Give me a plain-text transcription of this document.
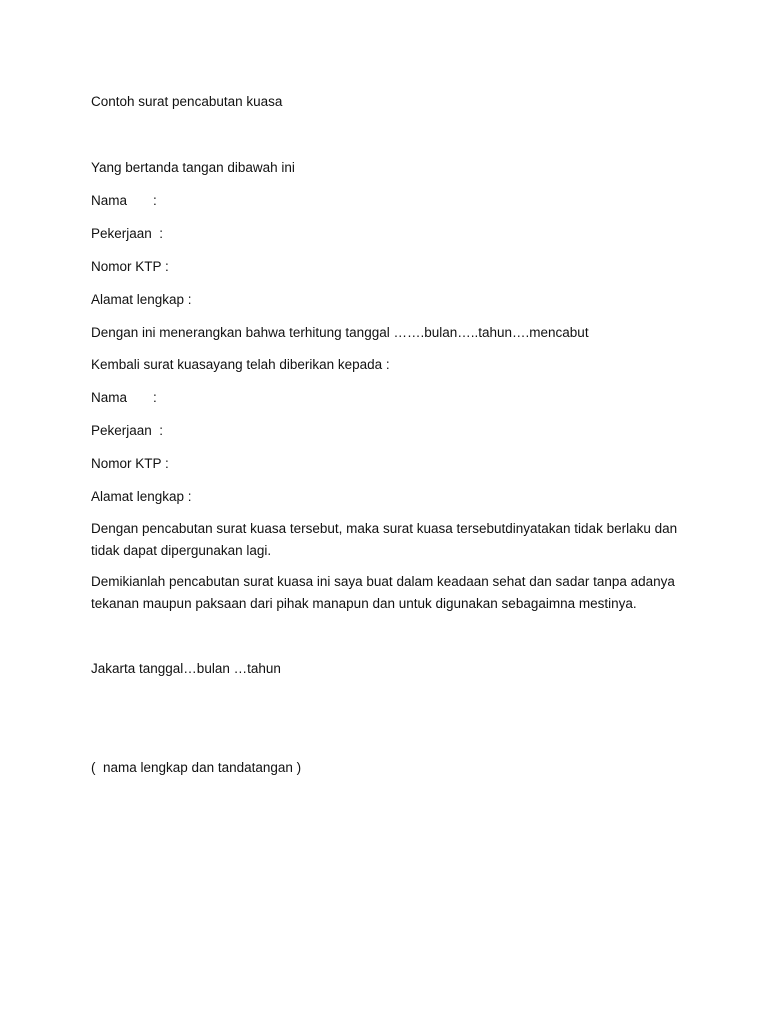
Contoh surat pencabutan kuasa
Yang bertanda tangan dibawah ini
Nama :
Pekerjaan  :
Nomor KTP :
Alamat lengkap :
Dengan ini menerangkan bahwa terhitung tanggal …….bulan…..tahun….mencabut
Kembali surat kuasayang telah diberikan kepada :
Nama :
Pekerjaan  :
Nomor KTP :
Alamat lengkap :
Dengan pencabutan surat kuasa tersebut, maka surat kuasa tersebutdinyatakan tidak berlaku dan
tidak dapat dipergunakan lagi.
Demikianlah pencabutan surat kuasa ini saya buat dalam keadaan sehat dan sadar tanpa adanya
tekanan maupun paksaan dari pihak manapun dan untuk digunakan sebagaimna mestinya.
Jakarta tanggal…bulan …tahun
(  nama lengkap dan tandatangan )
